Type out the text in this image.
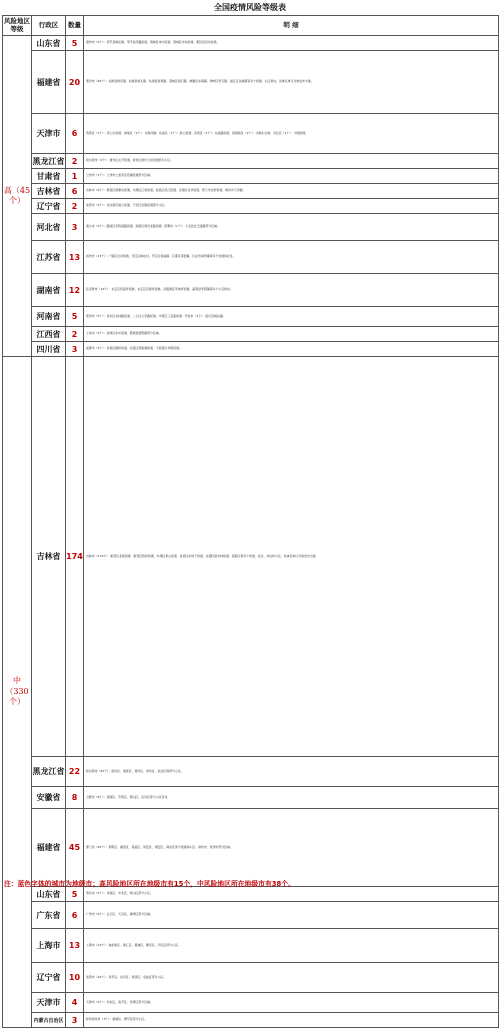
全国疫情风险等级表
风险地区等级	行政区	数量	明 细
高（45个）	山东省	5	滨州市（5个）：邹平县韩店镇、邹平县西董街道、滨城区市中街道、滨城区市东街道、惠民县何坊街道。

	福建省	20	莆田市（20个）：仙游县枫亭镇、仙游县榜头镇、仙游县度尾镇、荔城区黄石镇、城厢区东海镇、秀屿区笏石镇、涵江区白塘镇等多个街道、小区和村，具体名单以当地发布为准。

	天津市	6	西青区（1个）：李七庄街道；津南区（1个）：双桥河镇；东丽区（1个）：新立街道；河西区（1个）：友谊路街道；滨海新区（1个）：中新生态城；河北区（1个）：宁园街道。

	黑龙江省	2	哈尔滨市（2个）：道外区太平街道、香坊区香坊大街街道部分小区。

	甘肃省	1	兰州市（1个）：兰州市七里河区西湖街道部分区域。

	吉林省	6	吉林市（6个）：船营区黄旗屯街道、丰满区江南街道、昌邑区延江街道、龙潭区龙华街道、舒兰市吉舒街道、蛟河市天岗镇。

	辽宁省	2	沈阳市（2个）：沈北新区道义街道、于洪区北陵街道部分小区。

	河北省	3	唐山市（3个）：路南区学院南路街道、高新区建设北路街道；邯郸市（1个）：大名县龙王庙镇部分区域。

	江苏省	13	扬州市（13个）：广陵区汶河街道、邗江区韩庄村、邗江区杨庙镇、江都区邵伯镇、仪征市真州镇等多个街道和社区。

	湖南省	12	张家界市（12个）：永定区西溪坪街道、永定区官黎坪街道、武陵源区军地坪街道、慈利县零阳镇等多个小区和村。

	河南省	5	郑州市（5个）：金水区北林路街道、二七区大学路街道、中原区三官庙街道；开封市（1个）：尉氏县城关镇。

	江西省	2	上饶市（2个）：信州区东市街道、婺源县紫阳镇部分区域。

	四川省	3	成都市（3个）：武侯区簇桥街道、双流区西航港街道、天府新区华阳街道。

中（330个）	吉林省	174	吉林市（174个）：船营区北极街道、船营区致和街道、丰满区泰山街道、昌邑区东局子街道、龙潭区新吉林街道、高新区等多个街道、社区、村屯和小区，具体名单以当地发布为准。

	黑龙江省	22	哈尔滨市（22个）：南岗区、道里区、道外区、香坊区、松北区等部分小区。

	安徽省	8	合肥市（8个）：瑶海区、庐阳区、蜀山区、包河区部分小区及村。

	福建省	45	厦门市（45个）：思明区、湖里区、集美区、同安区、翔安区、海沧区部分街道和小区；漳州市、泉州市部分区域。

	山东省	5	青岛市（5个）：市南区、市北区、崂山区部分小区。

	广东省	6	广州市（6个）：白云区、天河区、越秀区部分区域。

	上海市	13	上海市（13个）：浦东新区、徐汇区、黄浦区、静安区、闵行区部分小区。

	辽宁省	10	沈阳市（10个）：和平区、沈河区、铁西区、皇姑区部分小区。

	天津市	4	天津市（4个）：河东区、南开区、西青区部分区域。

	内蒙古自治区	3	呼和浩特市（3个）：新城区、赛罕区部分小区。
注：蓝色字体的城市为地级市；高风险地区所在地级市有15个，中风险地区所在地级市有38个。
